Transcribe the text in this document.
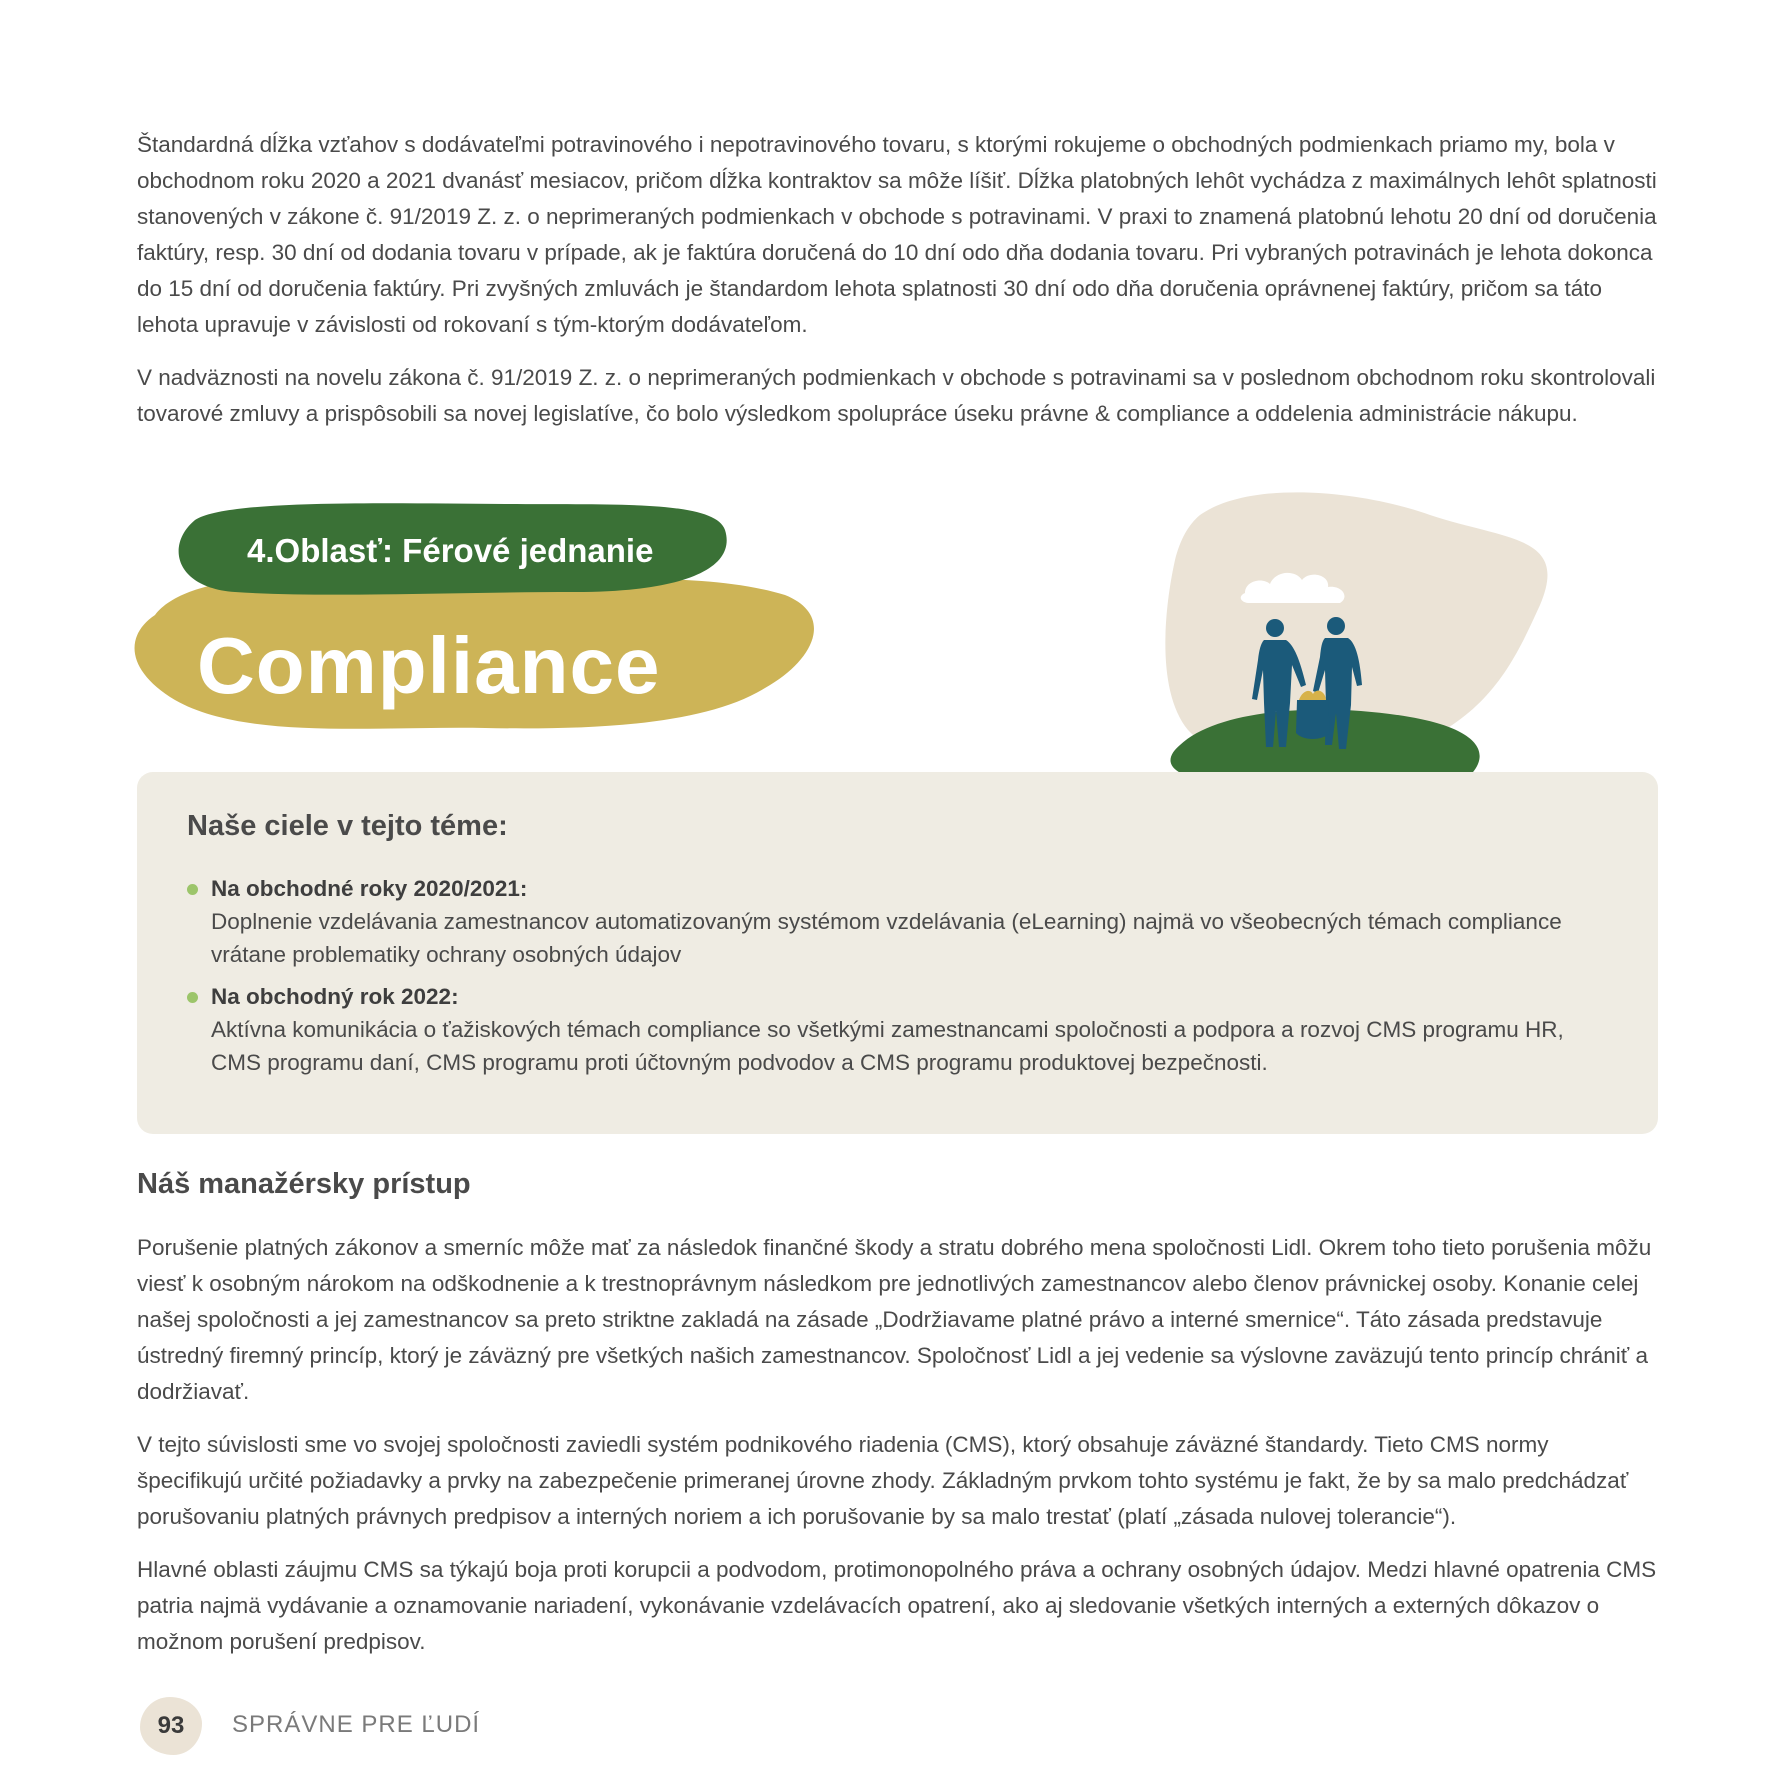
Štandardná dĺžka vzťahov s dodávateľmi potravinového i nepotravinového tovaru, s ktorými rokujeme o obchodných podmienkach priamo my, bola v obchodnom roku 2020 a 2021 dvanásť mesiacov, pričom dĺžka kontraktov sa môže líšiť. Dĺžka platobných lehôt vychádza z maximálnych lehôt splatnosti stanovených v zákone č. 91/2019 Z. z. o neprimeraných podmienkach v obchode s potravinami. V praxi to znamená platobnú lehotu 20 dní od doručenia faktúry, resp. 30 dní od dodania tovaru v prípade, ak je faktúra doručená do 10 dní odo dňa dodania tovaru. Pri vybraných potravinách je lehota dokonca do 15 dní od doručenia faktúry. Pri zvyšných zmluvách je štandardom lehota splatnosti 30 dní odo dňa doručenia oprávnenej faktúry, pričom sa táto lehota upravuje v závislosti od rokovaní s tým-ktorým dodávateľom.

V nadväznosti na novelu zákona č. 91/2019 Z. z. o neprimeraných podmienkach v obchode s potravinami sa v poslednom obchodnom roku skontrolovali tovarové zmluvy a prispôsobili sa novej legislatíve, čo bolo výsledkom spolupráce úseku právne & compliance a oddelenia administrácie nákupu.

4.Oblasť: Férové jednanie
Compliance
Naše ciele v tejto téme:
Na obchodné roky 2020/2021:
Doplnenie vzdelávania zamestnancov automatizovaným systémom vzdelávania (eLearning) najmä vo všeobecných témach compliance vrátane problematiky ochrany osobných údajov
Na obchodný rok 2022:
Aktívna komunikácia o ťažiskových témach compliance so všetkými zamestnancami spoločnosti a podpora a rozvoj CMS programu HR, CMS programu daní, CMS programu proti účtovným podvodov a CMS programu produktovej bezpečnosti.
Náš manažérsky prístup

Porušenie platných zákonov a smerníc môže mať za následok finančné škody a stratu dobrého mena spoločnosti Lidl. Okrem toho tieto porušenia môžu viesť k osobným nárokom na odškodnenie a k trestnoprávnym následkom pre jednotlivých zamestnancov alebo členov právnickej osoby. Konanie celej našej spoločnosti a jej zamestnancov sa preto striktne zakladá na zásade „Dodržiavame platné právo a interné smernice“. Táto zásada predstavuje ústredný firemný princíp, ktorý je záväzný pre všetkých našich zamestnancov. Spoločnosť Lidl a jej vedenie sa výslovne zaväzujú tento princíp chrániť a dodržiavať.

V tejto súvislosti sme vo svojej spoločnosti zaviedli systém podnikového riadenia (CMS), ktorý obsahuje záväzné štandardy. Tieto CMS normy špecifikujú určité požiadavky a prvky na zabezpečenie primeranej úrovne zhody. Základným prvkom tohto systému je fakt, že by sa malo predchádzať porušovaniu platných právnych predpisov a interných noriem a ich porušovanie by sa malo trestať (platí „zásada nulovej tolerancie“).

Hlavné oblasti záujmu CMS sa týkajú boja proti korupcii a podvodom, protimonopolného práva a ochrany osobných údajov. Medzi hlavné opatrenia CMS patria najmä vydávanie a oznamovanie nariadení, vykonávanie vzdelávacích opatrení, ako aj sledovanie všetkých interných a externých dôkazov o možnom porušení predpisov.

93	SPRÁVNE PRE ĽUDÍ
